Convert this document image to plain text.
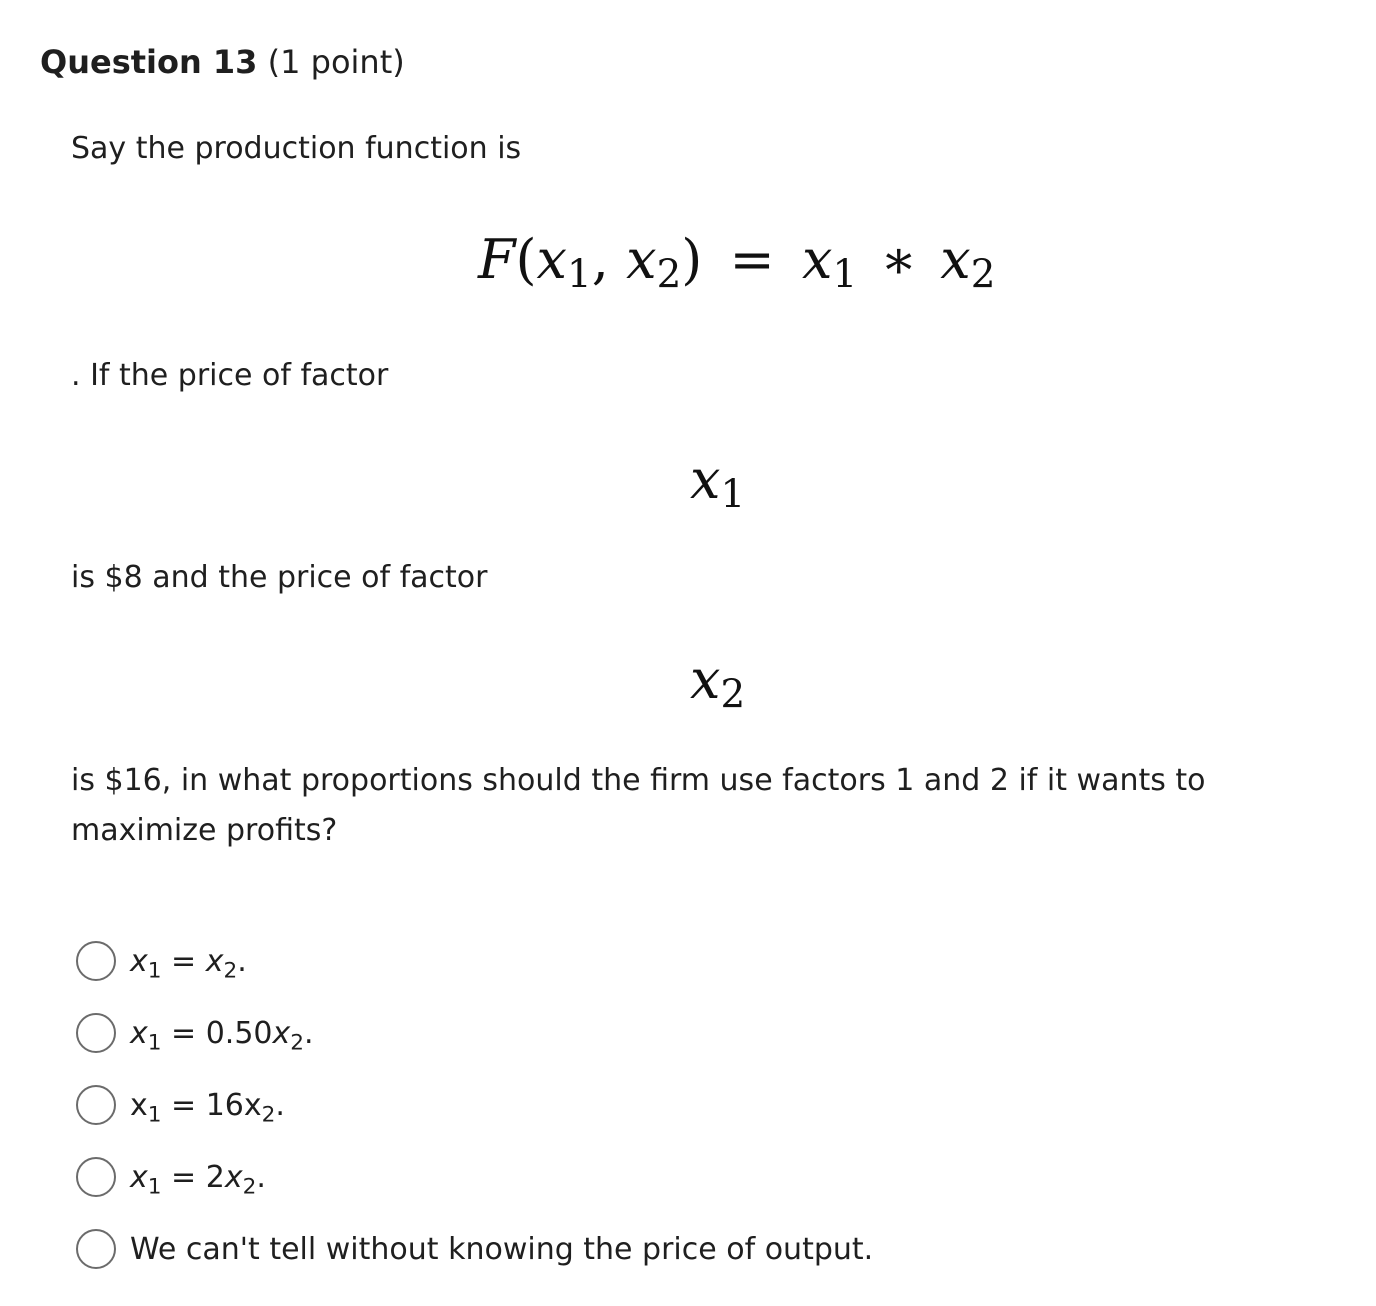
Question 13 (1 point)
Say the production function is
$F(x_1$, $x_2) = x_1$ ∗ $x_2$
. If the price of factor
$x_1$
is $8 and the price of factor
$x_2$
is $16, in what proportions should the firm use factors 1 and 2 if it wants to
maximize profits?
$x_1 = x_2$.
$x_1 = 0.50x_2$.
$x_1 = 16x_2$.
$x_1 = 2x_2$.
We can't tell without knowing the price of output.
